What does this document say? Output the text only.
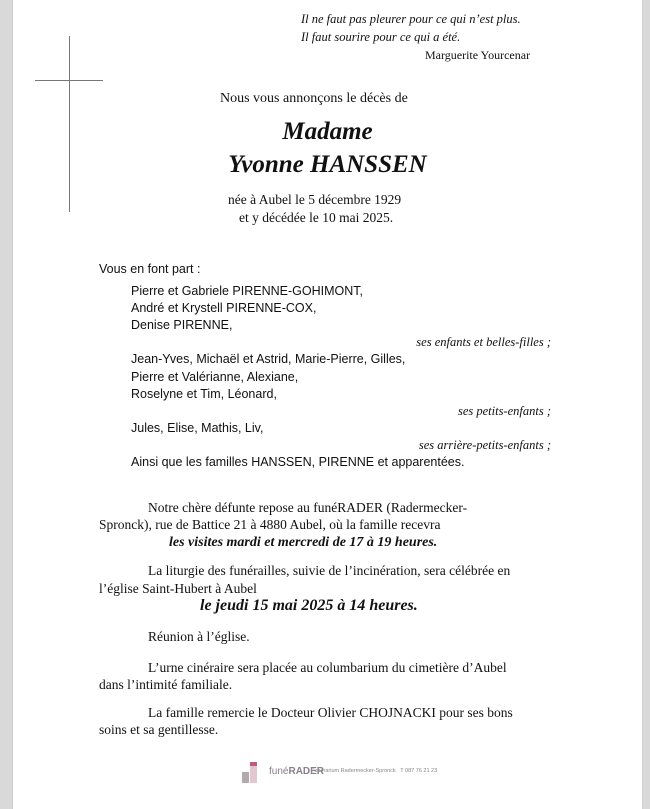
Il ne faut pas pleurer pour ce qui n’est plus.
Il faut sourire pour ce qui a été.
Marguerite Yourcenar
Nous vous annonçons le décès de
Madame
Yvonne HANSSEN
née à Aubel le 5 décembre 1929
et y décédée le 10 mai 2025.
Vous en font part :
Pierre et Gabriele PIRENNE-GOHIMONT,
André et Krystell PIRENNE-COX,
Denise PIRENNE,
ses enfants et belles-filles ;
Jean-Yves, Michaël et Astrid, Marie-Pierre, Gilles,
Pierre et Valérianne, Alexiane,
Roselyne et Tim, Léonard,
ses petits-enfants ;
Jules, Elise, Mathis, Liv,
ses arrière-petits-enfants ;
Ainsi que les familles HANSSEN, PIRENNE et apparentées.
Notre chère défunte repose au funéRADER (Radermecker-
Spronck), rue de Battice 21 à 4880 Aubel, où la famille recevra
les visites mardi et mercredi de 17 à 19 heures.
La liturgie des funérailles, suivie de l’incinération, sera célébrée en
l’église Saint-Hubert à Aubel
le jeudi 15 mai 2025 à 14 heures.
Réunion à l’église.
L’urne cinéraire sera placée au columbarium du cimetière d’Aubel
dans l’intimité familiale.
La famille remercie le Docteur Olivier CHOJNACKI pour ses bons
soins et sa gentillesse.
funéRADER
Funérarium Radermecker-Spronck T 087 76 21 23
